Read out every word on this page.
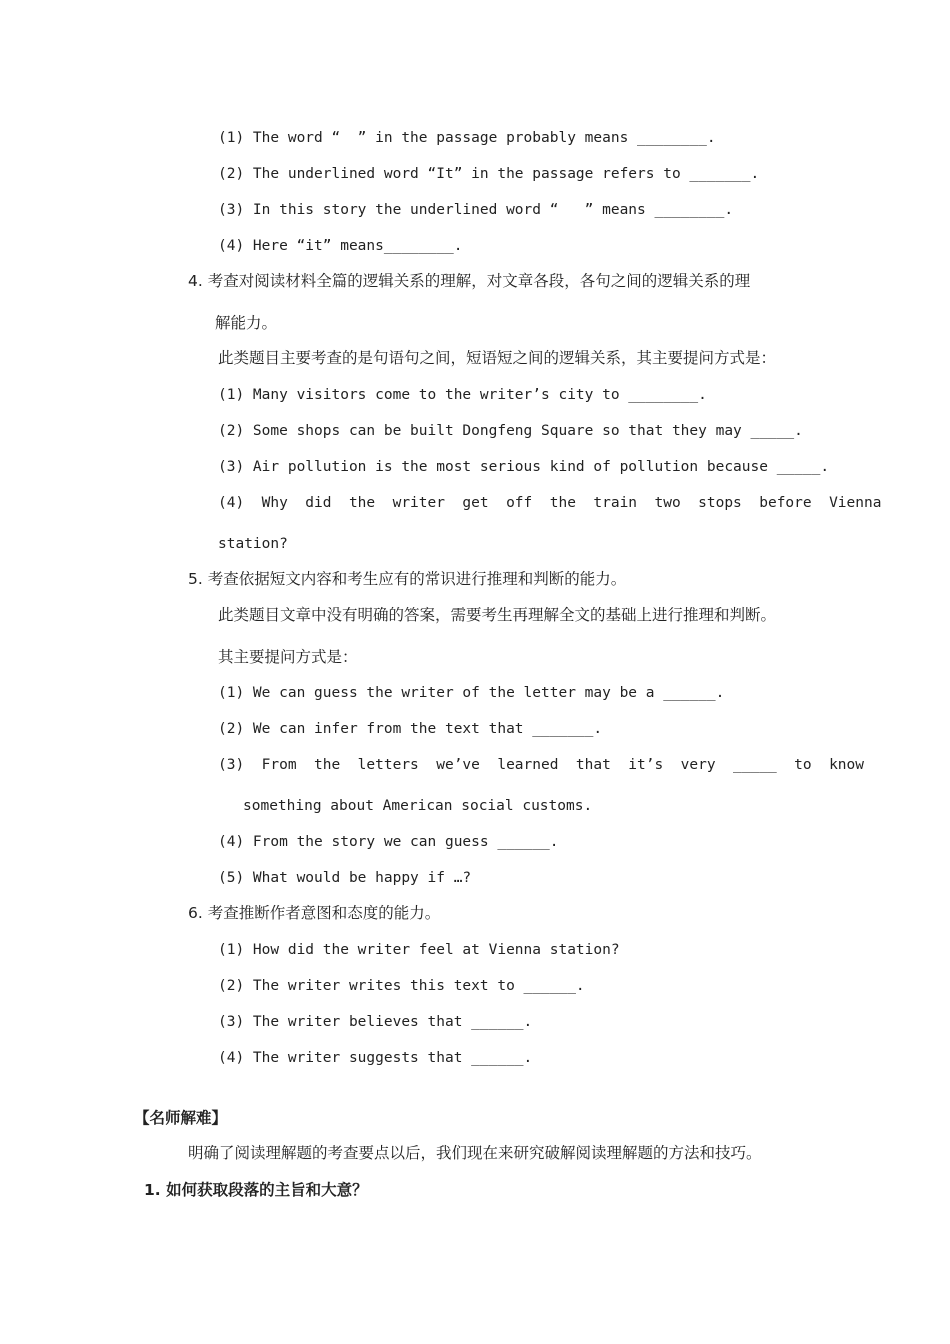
(1) The word “  ” in the passage probably means ________.
(2) The underlined word “It” in the passage refers to _______.
(3) In this story the underlined word “   ” means ________.
(4) Here “it” means________.
4. 考查对阅读材料全篇的逻辑关系的理解，对文章各段，各句之间的逻辑关系的理
解能力。
此类题目主要考查的是句语句之间，短语短之间的逻辑关系，其主要提问方式是：
(1) Many visitors come to the writer’s city to ________.
(2) Some shops can be built Dongfeng Square so that they may _____.
(3) Air pollution is the most serious kind of pollution because _____.
(4)  Why  did  the  writer  get  off  the  train  two  stops  before  Vienna
station?
5. 考查依据短文内容和考生应有的常识进行推理和判断的能力。
此类题目文章中没有明确的答案，需要考生再理解全文的基础上进行推理和判断。
其主要提问方式是：
(1) We can guess the writer of the letter may be a ______.
(2) We can infer from the text that _______.
(3)  From  the  letters  we’ve  learned  that  it’s  very  _____  to  know
something about American social customs.
(4) From the story we can guess ______.
(5) What would be happy if …?
6. 考查推断作者意图和态度的能力。
(1) How did the writer feel at Vienna station?
(2) The writer writes this text to ______.
(3) The writer believes that ______.
(4) The writer suggests that ______.
【名师解难】
明确了阅读理解题的考查要点以后，我们现在来研究破解阅读理解题的方法和技巧。
1. 如何获取段落的主旨和大意？
